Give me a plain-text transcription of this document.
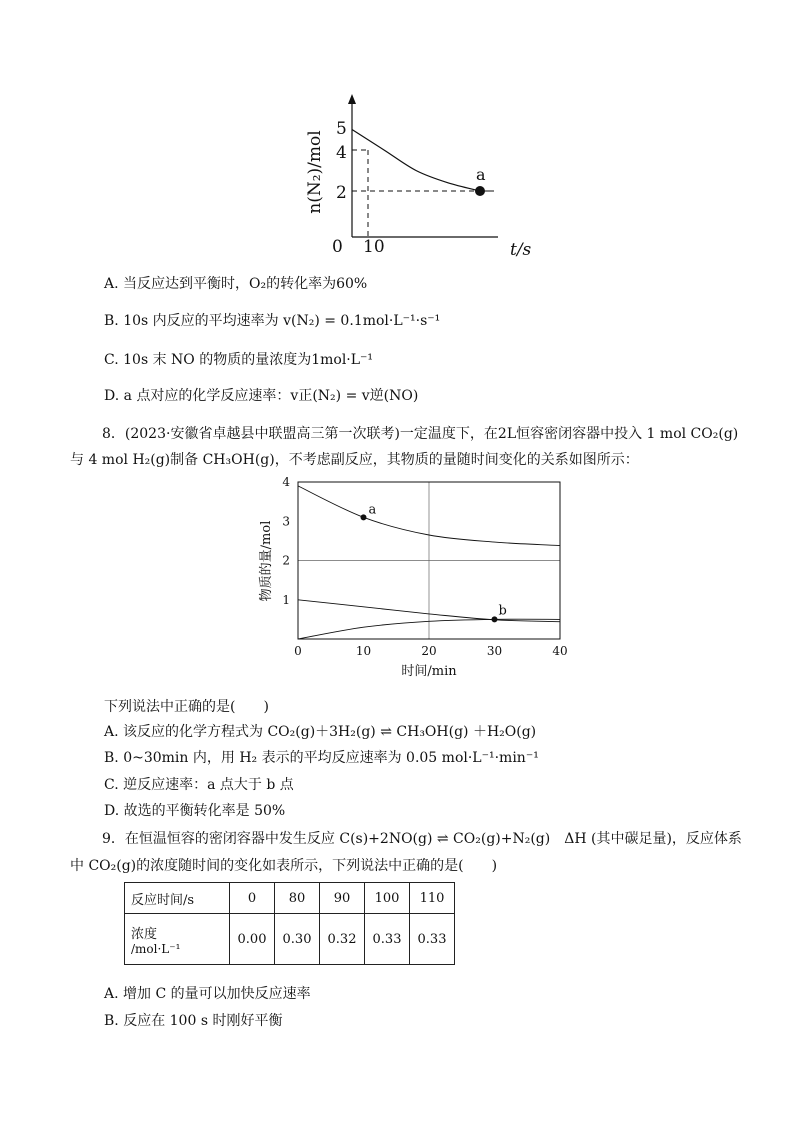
n(N₂)/mol
5
4
2
0 10	t/s
a
A. 当反应达到平衡时，O₂的转化率为60%
B. 10s 内反应的平均速率为 v(N₂) = 0.1mol·L⁻¹·s⁻¹
C. 10s 末 NO 的物质的量浓度为1mol·L⁻¹
D. a 点对应的化学反应速率：v正(N₂) = v逆(NO)
8．(2023·安徽省卓越县中联盟高三第一次联考)一定温度下，在2L恒容密闭容器中投入 1 mol CO₂(g)
与 4 mol H₂(g)制备 CH₃OH(g)，不考虑副反应，其物质的量随时间变化的关系如图所示：
1
2
3
4
0	10	20	30	40
物质的量/mol
时间/min
a
b
下列说法中正确的是(　　)
A. 该反应的化学方程式为 CO₂(g)＋3H₂(g) ⇌ CH₃OH(g) ＋H₂O(g)
B. 0~30min 内，用 H₂ 表示的平均反应速率为 0.05 mol·L⁻¹·min⁻¹
C. 逆反应速率：a 点大于 b 点
D. 故选的平衡转化率是 50%
9．在恒温恒容的密闭容器中发生反应 C(s)+2NO(g) ⇌ CO₂(g)+N₂(g)　ΔH (其中碳足量)，反应体系
中 CO₂(g)的浓度随时间的变化如表所示，下列说法中正确的是(　　)
反应时间/s	0	80	90	100	110

浓度
/mol·L⁻¹	0.00	0.30	0.32	0.33	0.33
A. 增加 C 的量可以加快反应速率
B. 反应在 100 s 时刚好平衡
